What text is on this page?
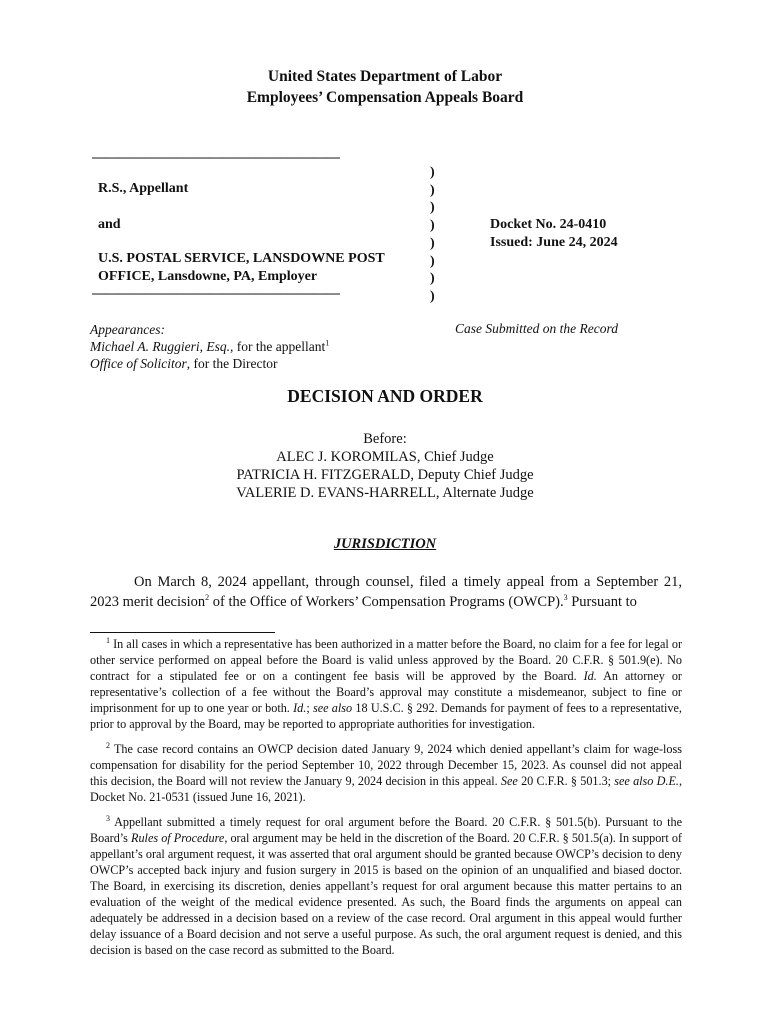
United States Department of Labor
Employees’ Compensation Appeals Board
———————————————————
R.S., Appellant
and
U.S. POSTAL SERVICE, LANSDOWNE POST
OFFICE, Lansdowne, PA, Employer
———————————————————
)
)
)
)
)
)
)
)
Docket No. 24-0410
Issued: June 24, 2024
Appearances:
Michael A. Ruggieri, Esq., for the appellant$^1$
Office of Solicitor, for the Director
Case Submitted on the Record
DECISION AND ORDER
Before:
ALEC J. KOROMILAS, Chief Judge
PATRICIA H. FITZGERALD, Deputy Chief Judge
VALERIE D. EVANS-HARRELL, Alternate Judge
JURISDICTION
On March 8, 2024 appellant, through counsel, filed a timely appeal from a September 21, 2023 merit decision$^2$ of the Office of Workers’ Compensation Programs (OWCP).$^3$ Pursuant to

$^1$ In all cases in which a representative has been authorized in a matter before the Board, no claim for a fee for legal or other service performed on appeal before the Board is valid unless approved by the Board. 20 C.F.R. § 501.9(e). No contract for a stipulated fee or on a contingent fee basis will be approved by the Board. Id. An attorney or representative’s collection of a fee without the Board’s approval may constitute a misdemeanor, subject to fine or imprisonment for up to one year or both. Id.; see also 18 U.S.C. § 292. Demands for payment of fees to a representative, prior to approval by the Board, may be reported to appropriate authorities for investigation.

$^2$ The case record contains an OWCP decision dated January 9, 2024 which denied appellant’s claim for wage-loss compensation for disability for the period September 10, 2022 through December 15, 2023. As counsel did not appeal this decision, the Board will not review the January 9, 2024 decision in this appeal. See 20 C.F.R. § 501.3; see also D.E., Docket No. 21-0531 (issued June 16, 2021).

$^3$ Appellant submitted a timely request for oral argument before the Board. 20 C.F.R. § 501.5(b). Pursuant to the Board’s Rules of Procedure, oral argument may be held in the discretion of the Board. 20 C.F.R. § 501.5(a). In support of appellant’s oral argument request, it was asserted that oral argument should be granted because OWCP’s decision to deny OWCP’s accepted back injury and fusion surgery in 2015 is based on the opinion of an unqualified and biased doctor. The Board, in exercising its discretion, denies appellant’s request for oral argument because this matter pertains to an evaluation of the weight of the medical evidence presented. As such, the Board finds the arguments on appeal can adequately be addressed in a decision based on a review of the case record. Oral argument in this appeal would further delay issuance of a Board decision and not serve a useful purpose. As such, the oral argument request is denied, and this decision is based on the case record as submitted to the Board.
